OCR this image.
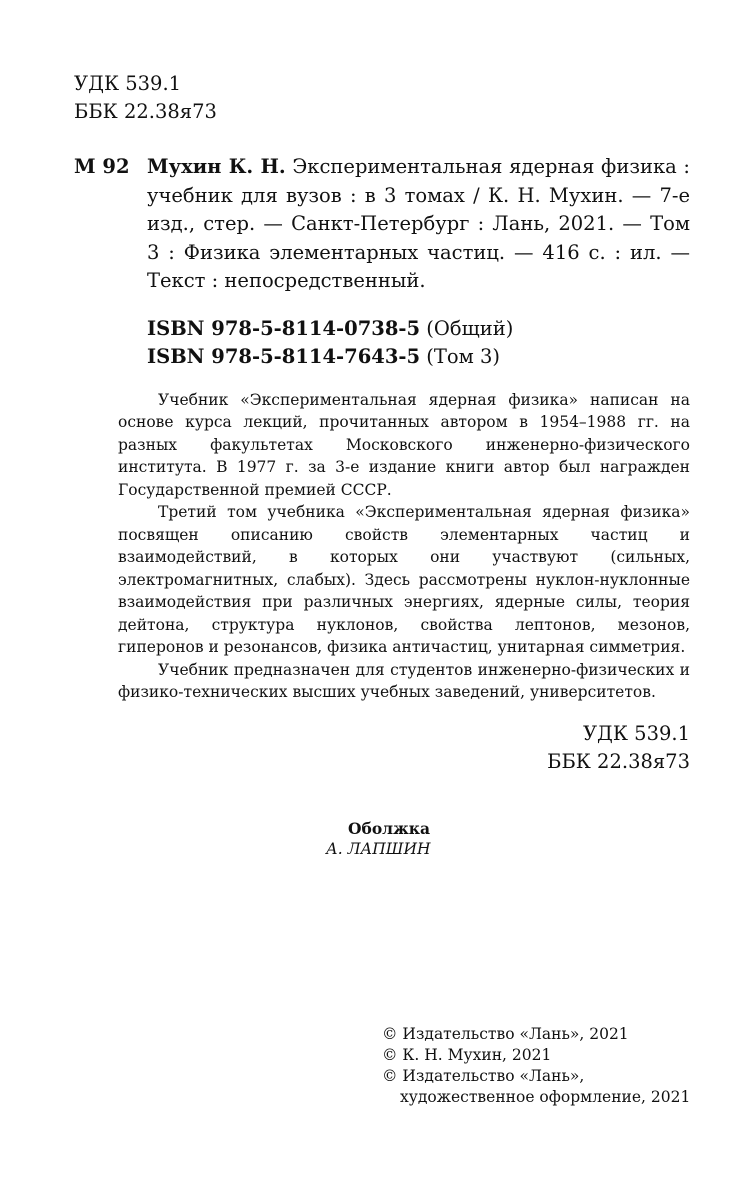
УДК 539.1
ББК 22.38я73
М 92 Мухин К. Н. Экспериментальная ядерная физика : учебник для вузов : в 3 томах / К. Н. Мухин. — 7-е изд., стер. — Санкт-Петербург : Лань, 2021. — Том 3 : Физика элементарных частиц. — 416 с. : ил. — Текст : непосредственный.
ISBN 978-5-8114-0738-5 (Общий)
ISBN 978-5-8114-7643-5 (Том 3)

Учебник «Экспериментальная ядерная физика» написан на основе курса лекций, прочитанных автором в 1954–1988 гг. на разных факультетах Московского инженерно-физического института. В 1977 г. за 3-е издание книги автор был награжден Государственной премией СССР.

Третий том учебника «Экспериментальная ядерная физика» посвящен описанию свойств элементарных частиц и взаимодействий, в которых они участвуют (сильных, электромагнитных, слабых). Здесь рассмотрены нуклон-нуклонные взаимодействия при различных энергиях, ядерные силы, теория дейтона, структура нуклонов, свойства лептонов, мезонов, гиперонов и резонансов, физика античастиц, унитарная симметрия.

Учебник предназначен для студентов инженерно-физических и физико-технических высших учебных заведений, университетов.

УДК 539.1
ББК 22.38я73
Оболжка
А. ЛАПШИН
© Издательство «Лань», 2021
© К. Н. Мухин, 2021
© Издательство «Лань»,
художественное оформление, 2021
